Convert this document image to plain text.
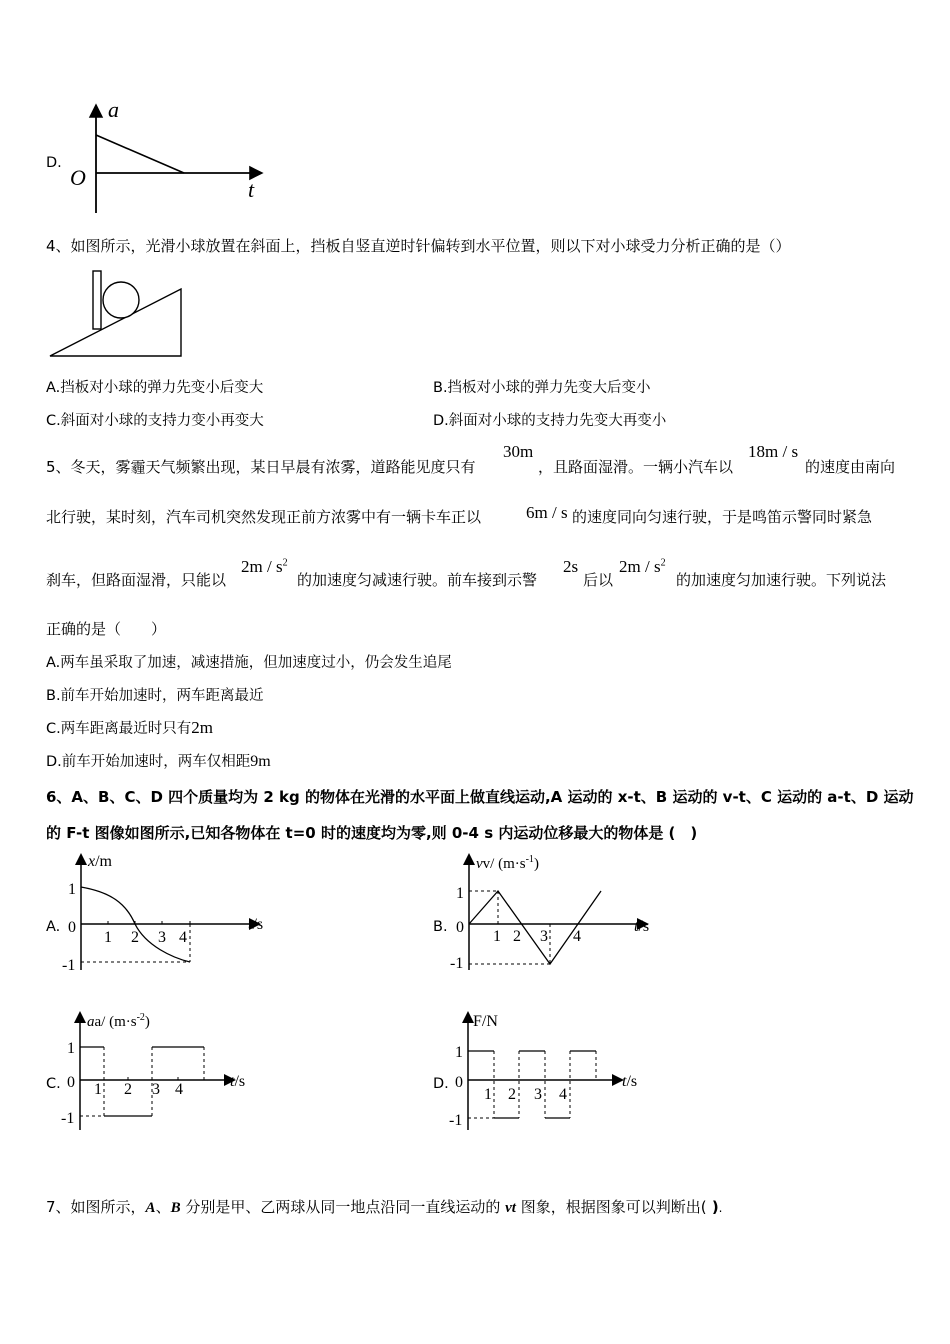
D.
a
t
O
4、如图所示，光滑小球放置在斜面上，挡板自竖直逆时针偏转到水平位置，则以下对小球受力分析正确的是（）
A.挡板对小球的弹力先变小后变大	B.挡板对小球的弹力先变大后变小
C.斜面对小球的支持力变小再变大	D.斜面对小球的支持力先变大再变小
5、冬天，雾霾天气频繁出现，某日早晨有浓雾，道路能见度只有
30m
，且路面湿滑。一辆小汽车以
18m / s
的速度由南向
北行驶，某时刻，汽车司机突然发现正前方浓雾中有一辆卡车正以	6m / s 的速度同向匀速行驶，于是鸣笛示警同时紧急
刹车，但路面湿滑，只能以
$2m / s^2$
的加速度匀减速行驶。前车接到示警
2s
后以
$2m / s^2$
的加速度匀加速行驶。下列说法
正确的是（　　）
A.两车虽采取了加速，减速措施，但加速度过小，仍会发生追尾
B.前车开始加速时，两车距离最近
C.两车距离最近时只有2m
D.前车开始加速时，两车仅相距9m
6、A、B、C、D 四个质量均为 2 kg 的物体在光滑的水平面上做直线运动,A 运动的 x-t、B 运动的 v-t、C 运动的 a-t、D 运动
的 F-t 图像如图所示,已知各物体在 t=0 时的速度均为零,则 0-4 s 内运动位移最大的物体是 (　)
A.
x/m
t/s
1
0
-1
1 2 3 4
B.
vv/ $(m\cdot s^{-1})$
t/s
1
0
-1
1 2 3 4
C.
aa/ $(m\cdot s^{-2})$
t/s
1
0
-1
1 2 3 4	D.
F/N
t/s
1
0
-1
1 2 3 4
7、如图所示，A、B 分别是甲、乙两球从同一地点沿同一直线运动的 vt 图象，根据图象可以判断出( ).
